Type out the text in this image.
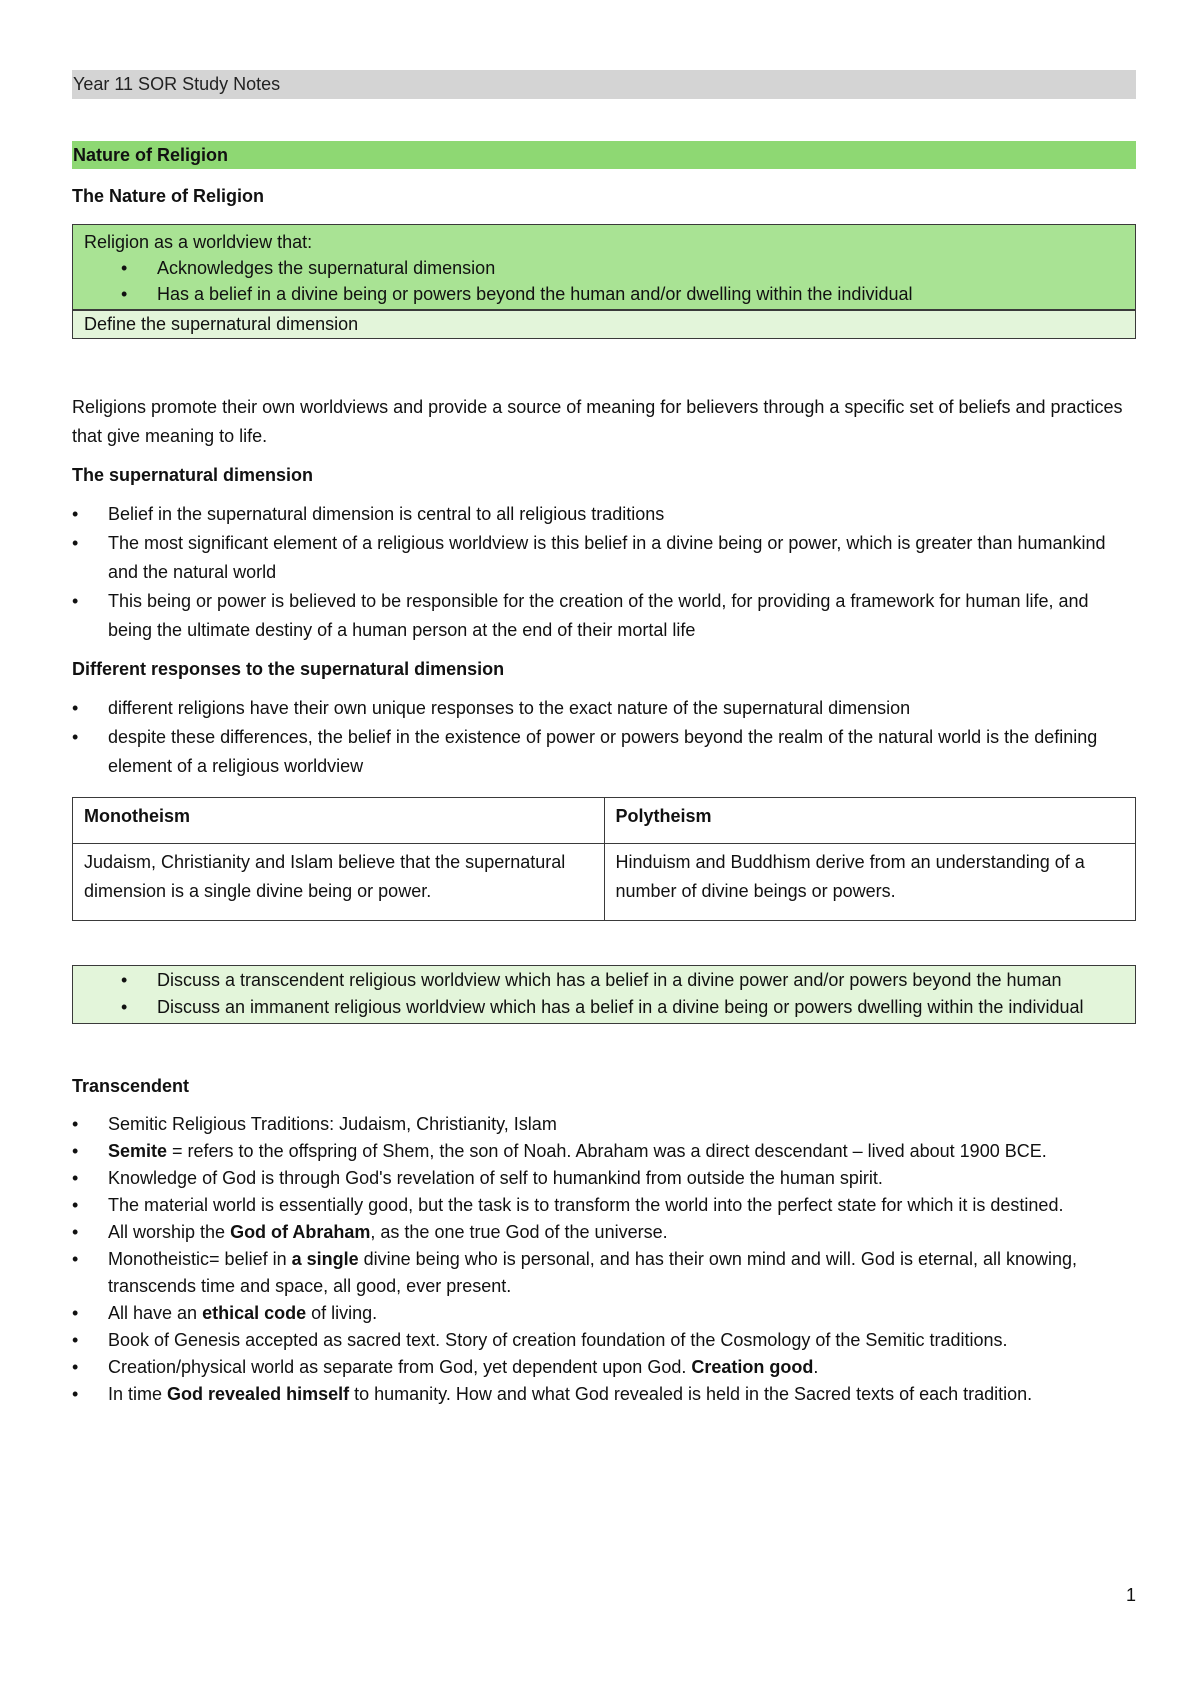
Year 11 SOR Study Notes
Nature of Religion
The Nature of Religion
Religion as a worldview that:
• Acknowledges the supernatural dimension
• Has a belief in a divine being or powers beyond the human and/or dwelling within the individual
Define the supernatural dimension

Religions promote their own worldviews and provide a source of meaning for believers through a specific set of beliefs and practices that give meaning to life.

The supernatural dimension
• Belief in the supernatural dimension is central to all religious traditions
• The most significant element of a religious worldview is this belief in a divine being or power, which is greater than humankind and the natural world
• This being or power is believed to be responsible for the creation of the world, for providing a framework for human life, and being the ultimate destiny of a human person at the end of their mortal life
Different responses to the supernatural dimension
• different religions have their own unique responses to the exact nature of the supernatural dimension
• despite these differences, the belief in the existence of power or powers beyond the realm of the natural world is the defining element of a religious worldview
Monotheism	Polytheism
Judaism, Christianity and Islam believe that the supernatural dimension is a single divine being or power.	Hinduism and Buddhism derive from an understanding of a number of divine beings or powers.
• Discuss a transcendent religious worldview which has a belief in a divine power and/or powers beyond the human
• Discuss an immanent religious worldview which has a belief in a divine being or powers dwelling within the individual
Transcendent
• Semitic Religious Traditions: Judaism, Christianity, Islam
• Semite = refers to the offspring of Shem, the son of Noah. Abraham was a direct descendant – lived about 1900 BCE.
• Knowledge of God is through God's revelation of self to humankind from outside the human spirit.
• The material world is essentially good, but the task is to transform the world into the perfect state for which it is destined.
• All worship the God of Abraham, as the one true God of the universe.
• Monotheistic= belief in a single divine being who is personal, and has their own mind and will. God is eternal, all knowing, transcends time and space, all good, ever present.
• All have an ethical code of living.
• Book of Genesis accepted as sacred text. Story of creation foundation of the Cosmology of the Semitic traditions.
• Creation/physical world as separate from God, yet dependent upon God. Creation good.
• In time God revealed himself to humanity. How and what God revealed is held in the Sacred texts of each tradition.
1
